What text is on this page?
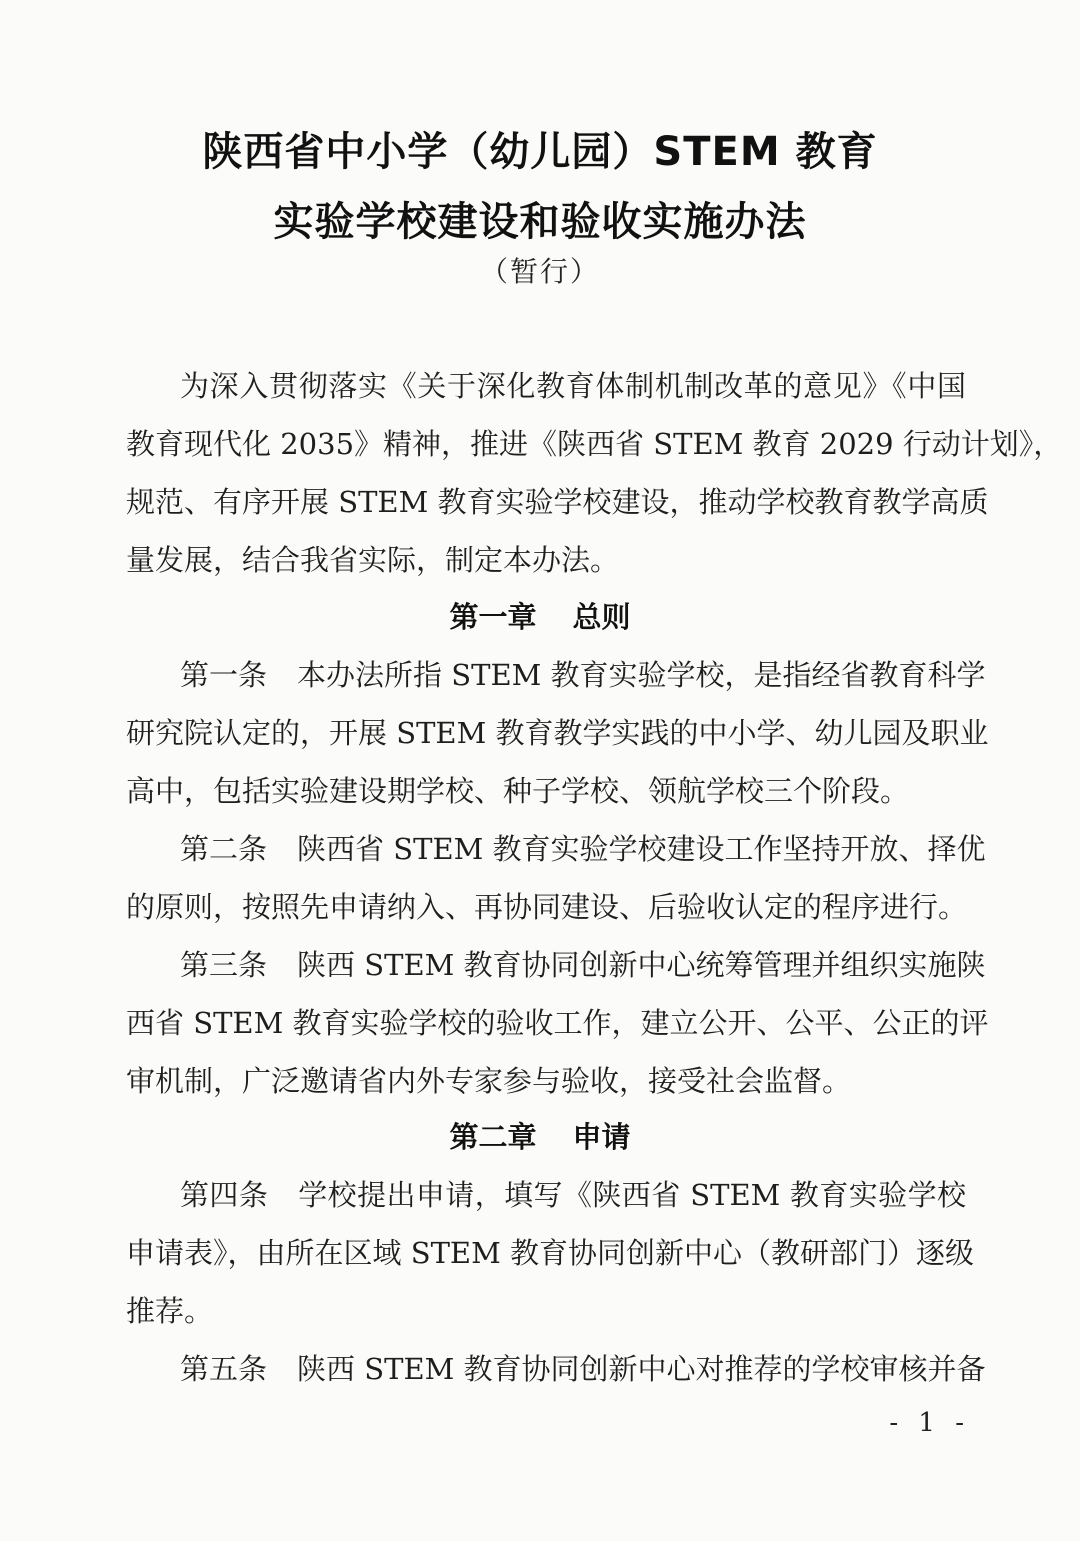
陕西省中小学（幼儿园）STEM 教育
实验学校建设和验收实施办法
（暂行）
为深入贯彻落实《关于深化教育体制机制改革的意见》《中国
教育现代化 2035》精神，推进《陕西省 STEM 教育 2029 行动计划》，
规范、有序开展 STEM 教育实验学校建设，推动学校教育教学高质
量发展，结合我省实际，制定本办法。
第一章 总则
第一条 本办法所指 STEM 教育实验学校，是指经省教育科学
研究院认定的，开展 STEM 教育教学实践的中小学、幼儿园及职业
高中，包括实验建设期学校、种子学校、领航学校三个阶段。
第二条 陕西省 STEM 教育实验学校建设工作坚持开放、择优
的原则，按照先申请纳入、再协同建设、后验收认定的程序进行。
第三条 陕西 STEM 教育协同创新中心统筹管理并组织实施陕
西省 STEM 教育实验学校的验收工作，建立公开、公平、公正的评
审机制，广泛邀请省内外专家参与验收，接受社会监督。
第二章 申请
第四条 学校提出申请，填写《陕西省 STEM 教育实验学校
申请表》，由所在区域 STEM 教育协同创新中心（教研部门）逐级
推荐。
第五条 陕西 STEM 教育协同创新中心对推荐的学校审核并备
- 1 -
